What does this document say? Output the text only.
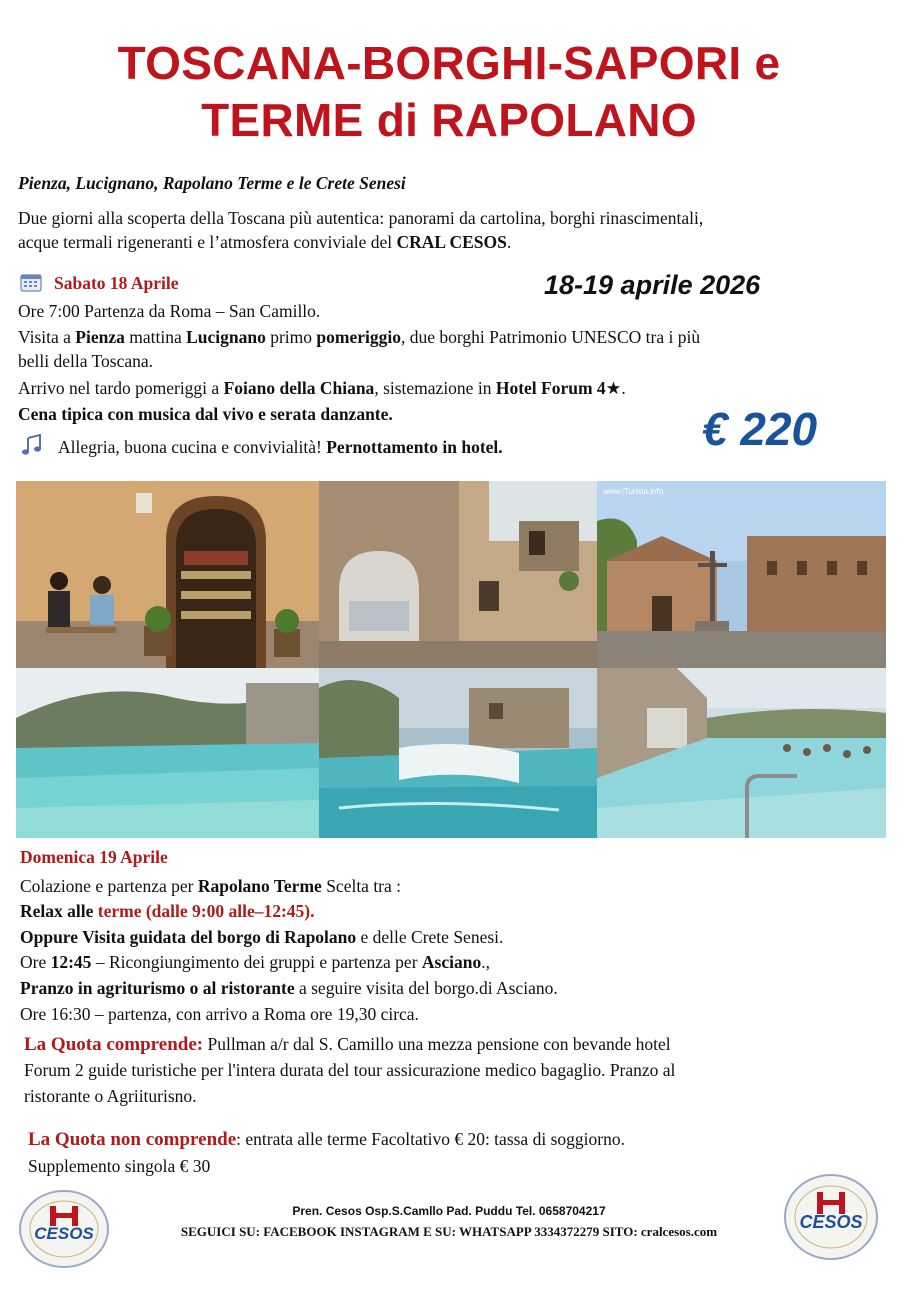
TOSCANA-BORGHI-SAPORI e
TERME di RAPOLANO
Pienza, Lucignano, Rapolano Terme e le Crete Senesi
Due giorni alla scoperta della Toscana più autentica: panorami da cartolina, borghi rinascimentali,
acque termali rigeneranti e l’atmosfera conviviale del CRAL CESOS.
Sabato 18 Aprile	18-19 aprile 2026
Ore 7:00 Partenza da Roma – San Camillo.
Visita a Pienza mattina Lucignano primo pomeriggio, due borghi Patrimonio UNESCO tra i più
belli della Toscana.
Arrivo nel tardo pomeriggi a Foiano della Chiana, sistemazione in Hotel Forum 4★.
Cena tipica con musica dal vivo e serata danzante.
Allegria, buona cucina e convivialità! Pernottamento in hotel.	€ 220
www.iTurista.info
Domenica 19 Aprile
Colazione e partenza per Rapolano Terme Scelta tra :
Relax alle terme (dalle 9:00 alle–12:45).
Oppure Visita guidata del borgo di Rapolano e delle Crete Senesi.
Ore 12:45 – Ricongiungimento dei gruppi e partenza per Asciano.,
Pranzo in agriturismo o al ristorante a seguire visita del borgo.di Asciano.
Ore 16:30 – partenza, con arrivo a Roma ore 19,30 circa.
La Quota comprende: Pullman a/r dal S. Camillo una mezza pensione con bevande hotel
Forum 2 guide turistiche per l'intera durata del tour assicurazione medico bagaglio. Pranzo al
ristorante o Agriiturisno.
La Quota non comprende: entrata alle terme Facoltativo € 20: tassa di soggiorno.
Supplemento singola € 30
CESOS
CESOS
Pren. Cesos Osp.S.Camllo Pad. Puddu Tel. 0658704217
SEGUICI SU: FACEBOOK INSTAGRAM E SU: WHATSAPP 3334372279 SITO: cralcesos.com
